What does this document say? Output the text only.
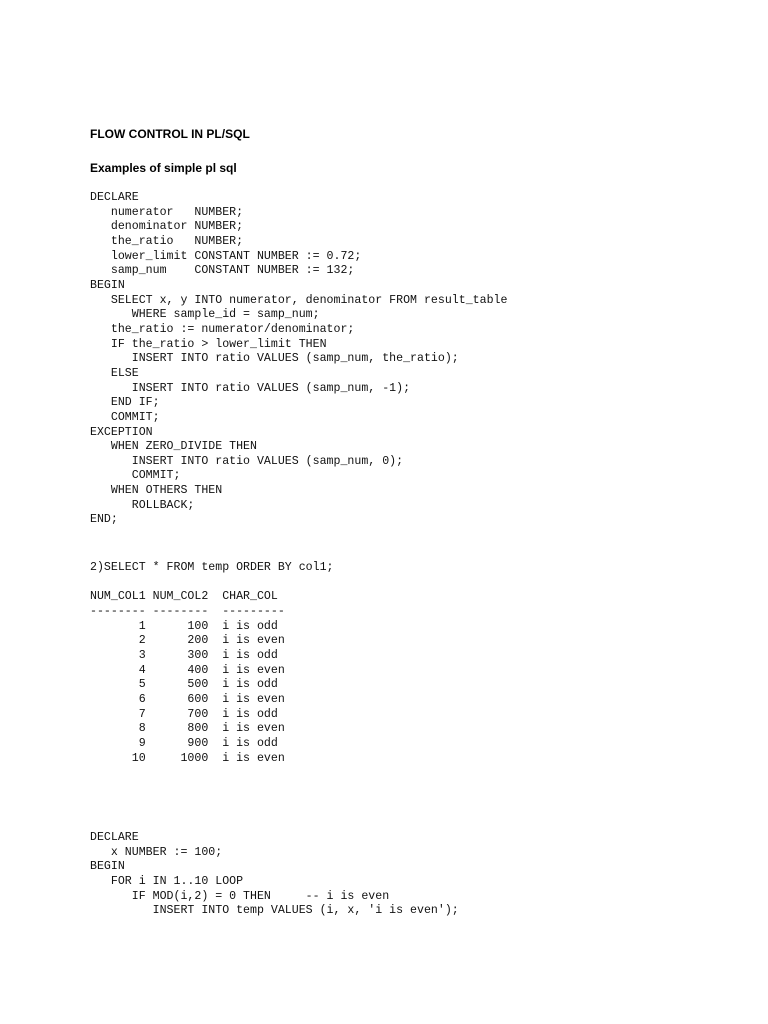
FLOW CONTROL IN PL/SQL

Examples of simple pl sql

DECLARE
numerator   NUMBER;
denominator NUMBER;
the_ratio   NUMBER;
lower_limit CONSTANT NUMBER := 0.72;
samp_num    CONSTANT NUMBER := 132;
BEGIN
SELECT x, y INTO numerator, denominator FROM result_table
WHERE sample_id = samp_num;
the_ratio := numerator/denominator;
IF the_ratio > lower_limit THEN
INSERT INTO ratio VALUES (samp_num, the_ratio);
ELSE
INSERT INTO ratio VALUES (samp_num, -1);
END IF;
COMMIT;
EXCEPTION
WHEN ZERO_DIVIDE THEN
INSERT INTO ratio VALUES (samp_num, 0);
COMMIT;
WHEN OTHERS THEN
ROLLBACK;
END;
2)SELECT * FROM temp ORDER BY col1;

NUM_COL1 NUM_COL2  CHAR_COL
-------- --------  ---------
1      100  i is odd
2      200  i is even
3      300  i is odd
4      400  i is even
5      500  i is odd
6      600  i is even
7      700  i is odd
8      800  i is even
9      900  i is odd
10     1000  i is even
DECLARE
x NUMBER := 100;
BEGIN
FOR i IN 1..10 LOOP
IF MOD(i,2) = 0 THEN     -- i is even
INSERT INTO temp VALUES (i, x, 'i is even');
